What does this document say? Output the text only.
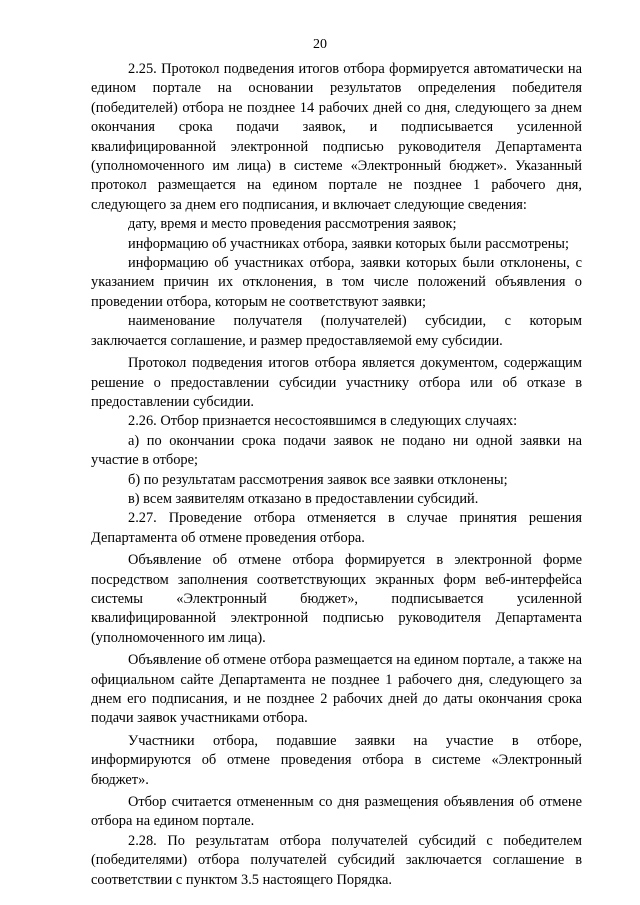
20

2.25. Протокол подведения итогов отбора формируется автоматически на едином портале на основании результатов определения победителя (победителей) отбора не позднее 14 рабочих дней со дня, следующего за днем окончания срока подачи заявок, и подписывается усиленной квалифицированной электронной подписью руководителя Департамента (уполномоченного им лица) в системе «Электронный бюджет». Указанный протокол размещается на едином портале не позднее 1 рабочего дня, следующего за днем его подписания, и включает следующие сведения:

дату, время и место проведения рассмотрения заявок;

информацию об участниках отбора, заявки которых были рассмотрены;

информацию об участниках отбора, заявки которых были отклонены, с указанием причин их отклонения, в том числе положений объявления о проведении отбора, которым не соответствуют заявки;

наименование получателя (получателей) субсидии, с которым заключается соглашение, и размер предоставляемой ему субсидии.

Протокол подведения итогов отбора является документом, содержащим решение о предоставлении субсидии участнику отбора или об отказе в предоставлении субсидии.

2.26. Отбор признается несостоявшимся в следующих случаях:

а) по окончании срока подачи заявок не подано ни одной заявки на участие в отборе;

б) по результатам рассмотрения заявок все заявки отклонены;

в) всем заявителям отказано в предоставлении субсидий.

2.27. Проведение отбора отменяется в случае принятия решения Департамента об отмене проведения отбора.

Объявление об отмене отбора формируется в электронной форме посредством заполнения соответствующих экранных форм веб-интерфейса системы «Электронный бюджет», подписывается усиленной квалифицированной электронной подписью руководителя Департамента (уполномоченного им лица).

Объявление об отмене отбора размещается на едином портале, а также на официальном сайте Департамента не позднее 1 рабочего дня, следующего за днем его подписания, и не позднее 2 рабочих дней до даты окончания срока подачи заявок участниками отбора.

Участники отбора, подавшие заявки на участие в отборе, информируются об отмене проведения отбора в системе «Электронный бюджет».

Отбор считается отмененным со дня размещения объявления об отмене отбора на едином портале.

2.28. По результатам отбора получателей субсидий с победителем (победителями) отбора получателей субсидий заключается соглашение в соответствии с пунктом 3.5 настоящего Порядка.
